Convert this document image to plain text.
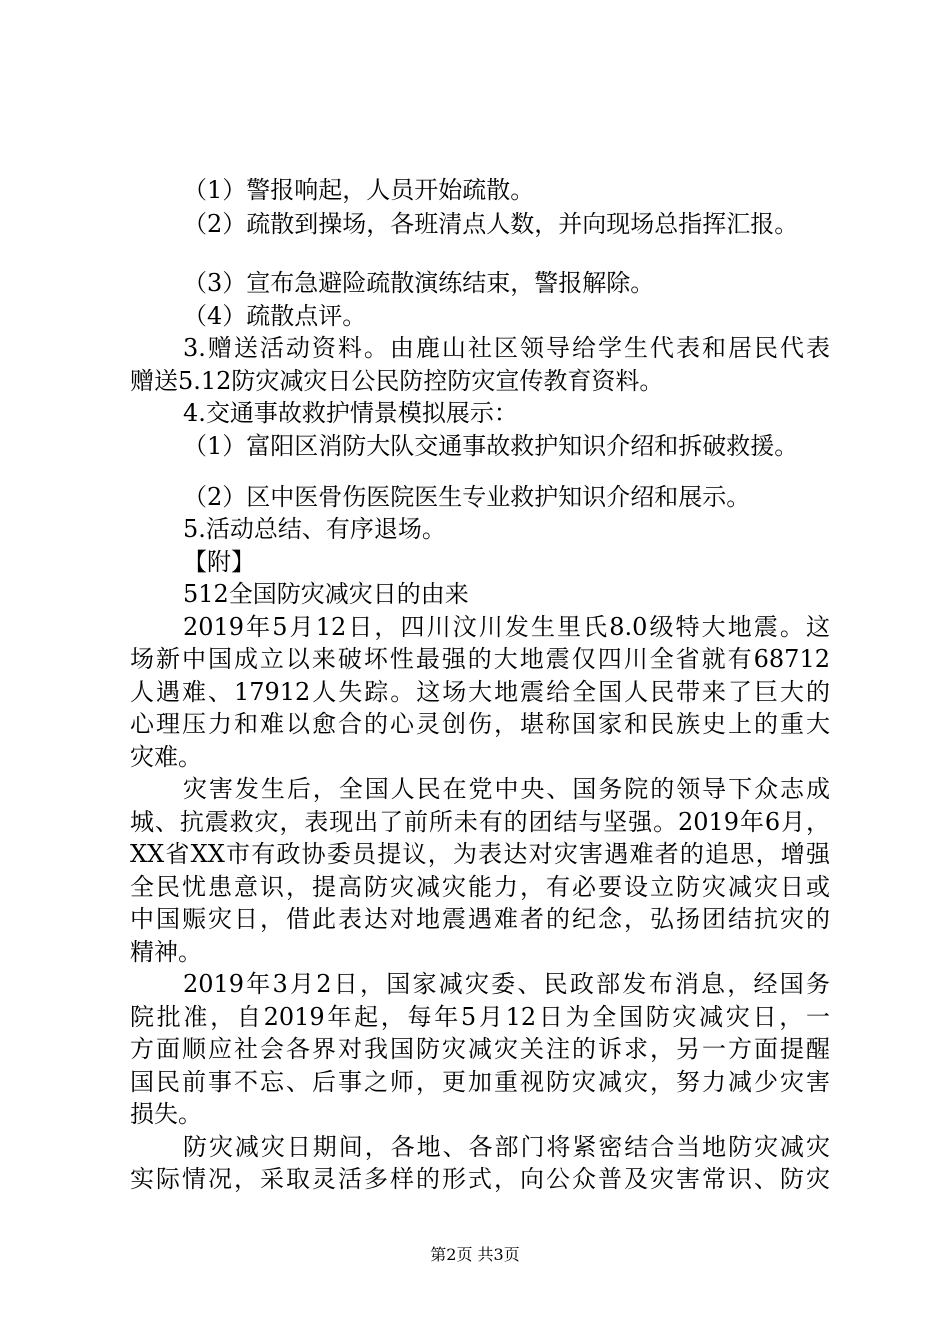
（1）警报响起，人员开始疏散。
（2）疏散到操场，各班清点人数，并向现场总指挥汇报。
（3）宣布急避险疏散演练结束，警报解除。
（4）疏散点评。
3.赠送活动资料。由鹿山社区领导给学生代表和居民代表
赠送5.12防灾减灾日公民防控防灾宣传教育资料。
4.交通事故救护情景模拟展示：
（1）富阳区消防大队交通事故救护知识介绍和拆破救援。
（2）区中医骨伤医院医生专业救护知识介绍和展示。
5.活动总结、有序退场。
【附】
512全国防灾减灾日的由来
2019年5月12日，四川汶川发生里氏8.0级特大地震。这
场新中国成立以来破坏性最强的大地震仅四川全省就有68712
人遇难、17912人失踪。这场大地震给全国人民带来了巨大的
心理压力和难以愈合的心灵创伤，堪称国家和民族史上的重大
灾难。
灾害发生后，全国人民在党中央、国务院的领导下众志成
城、抗震救灾，表现出了前所未有的团结与坚强。2019年6月，
XX省XX市有政协委员提议，为表达对灾害遇难者的追思，增强
全民忧患意识，提高防灾减灾能力，有必要设立防灾减灾日或
中国赈灾日，借此表达对地震遇难者的纪念，弘扬团结抗灾的
精神。
2019年3月2日，国家减灾委、民政部发布消息，经国务
院批准，自2019年起，每年5月12日为全国防灾减灾日，一
方面顺应社会各界对我国防灾减灾关注的诉求，另一方面提醒
国民前事不忘、后事之师，更加重视防灾减灾，努力减少灾害
损失。
防灾减灾日期间，各地、各部门将紧密结合当地防灾减灾
实际情况，采取灵活多样的形式，向公众普及灾害常识、防灾
第2页 共3页
